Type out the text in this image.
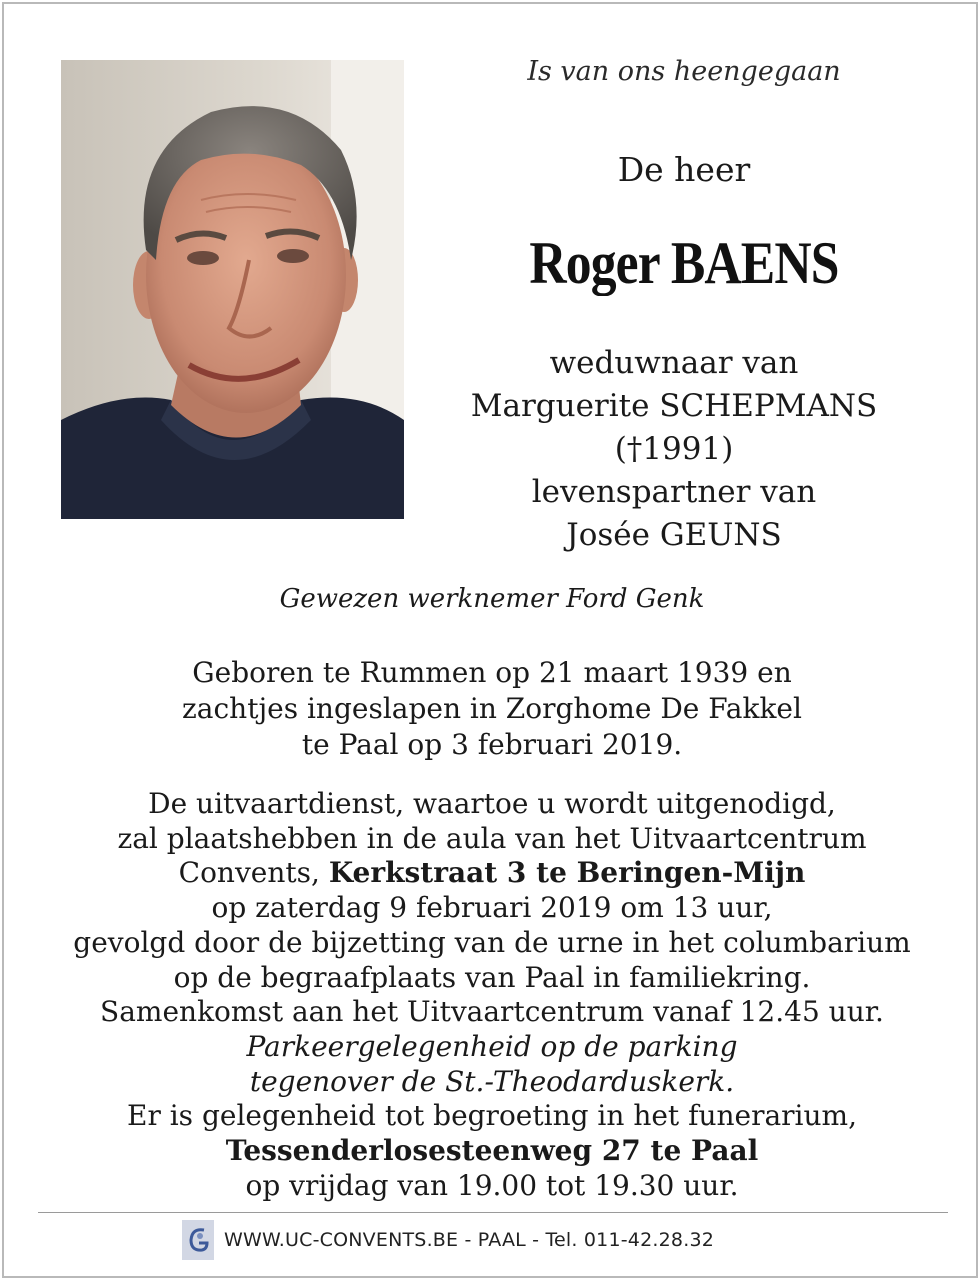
Is van ons heengegaan
De heer
Roger BAENS
weduwnaar van
Marguerite SCHEPMANS
(†1991)
levenspartner van
Josée GEUNS
Gewezen werknemer Ford Genk
Geboren te Rummen op 21 maart 1939 en
zachtjes ingeslapen in Zorghome De Fakkel
te Paal op 3 februari 2019.
De uitvaartdienst, waartoe u wordt uitgenodigd,
zal plaatshebben in de aula van het Uitvaartcentrum
Convents, Kerkstraat 3 te Beringen-Mijn
op zaterdag 9 februari 2019 om 13 uur,
gevolgd door de bijzetting van de urne in het columbarium
op de begraafplaats van Paal in familiekring.
Samenkomst aan het Uitvaartcentrum vanaf 12.45 uur.
Parkeergelegenheid op de parking
tegenover de St.-Theodarduskerk.
Er is gelegenheid tot begroeting in het funerarium,
Tessenderlosesteenweg 27 te Paal
op vrijdag van 19.00 tot 19.30 uur.
WWW.UC-CONVENTS.BE - PAAL - Tel. 011-42.28.32
